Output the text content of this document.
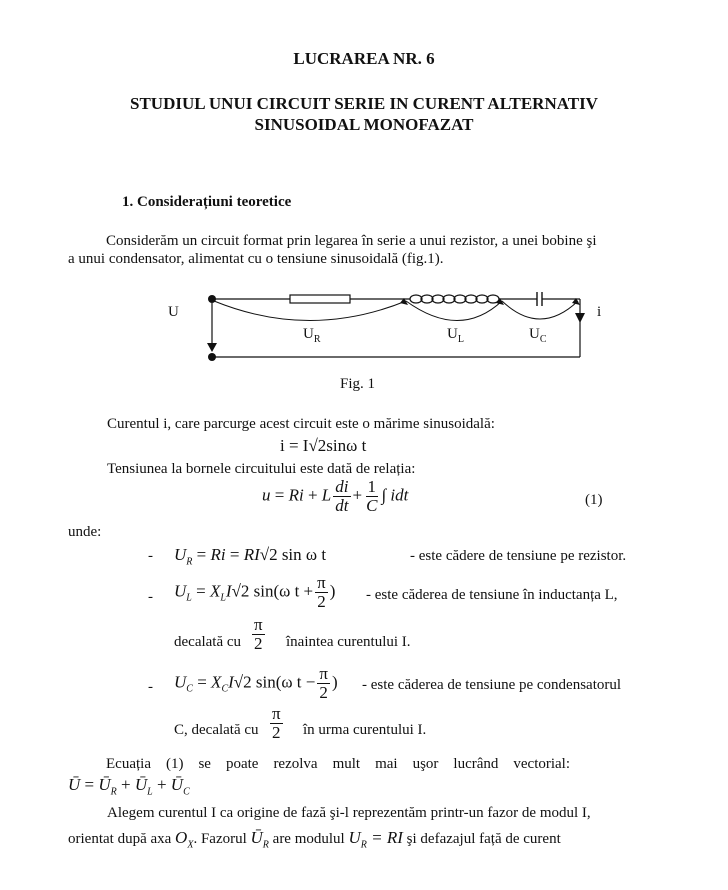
LUCRAREA NR. 6
STUDIUL UNUI CIRCUIT SERIE IN CURENT ALTERNATIV
SINUSOIDAL MONOFAZAT
1. Considerațiuni teoretice
Considerăm un circuit format prin legarea în serie a unui rezistor, a unei bobine şi
a unui condensator, alimentat cu o tensiune sinusoidală (fig.1).
U	i
$U_R$	$U_L$	$U_C$
Fig. 1
Curentul i, care parcurge acest circuit este o mărime sinusoidală:
i = I√2sinω t
Tensiunea la bornele circuitului este dată de relația:
u = Ri + L $\frac{di}{dt} + \frac{1}{C}$ ∫ idt	(1)
unde:
- $U_R = Ri = RI√2$ sin ω t	- este cădere de tensiune pe rezistor.
- $U_L = X_LI√2$ sin(ω $t + \frac{\pi}{2}$ ) - este căderea de tensiune în inductanța L,
decalată cu $\frac{\pi}{2}$ înaintea curentului I.
- $U_C = X_CI√2$ sin(ω $t - \frac{\pi}{2}$ ) - este căderea de tensiune pe condensatorul
C, decalată cu $\frac{\pi}{2}$ în urma curentului I.
Ecuația    (1)    se    poate    rezolva    mult    mai    uşor    lucrând    vectorial:
Ū = $Ū_R$ + $Ū_L$ + $Ū_C$
Alegem curentul I ca origine de fază şi-l reprezentăm printr-un fazor de modul I,
orientat după axa $O_X$. Fazorul $Ū_R$ are modulul $U_R$ = RI şi defazajul față de curent
